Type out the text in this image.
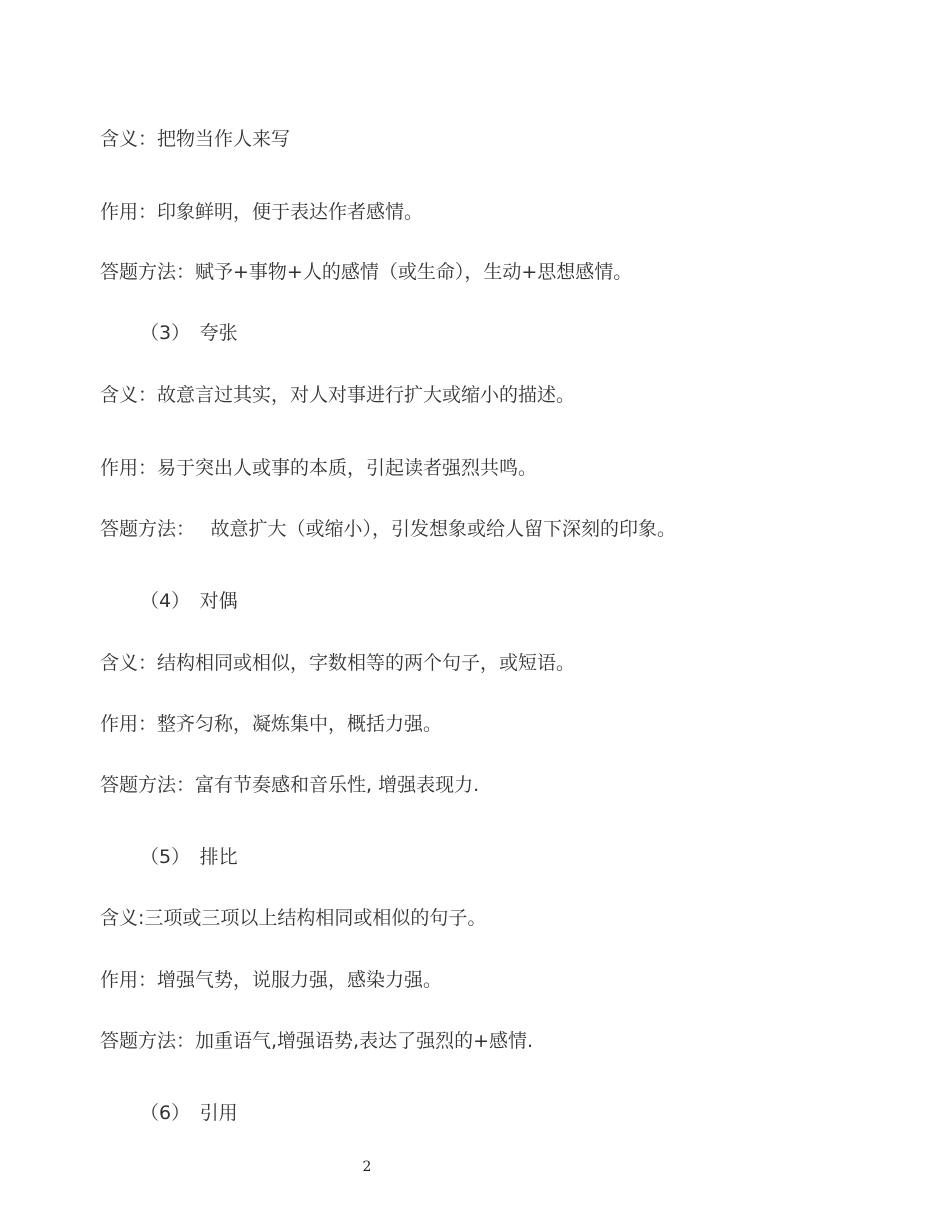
含义：把物当作人来写
作用：印象鲜明，便于表达作者感情。
答题方法：赋予+事物+人的感情（或生命），生动+思想感情。
（3）　夸张
含义：故意言过其实，对人对事进行扩大或缩小的描述。
作用：易于突出人或事的本质，引起读者强烈共鸣。
答题方法：　 故意扩大（或缩小），引发想象或给人留下深刻的印象。
（4）　对偶
含义：结构相同或相似，字数相等的两个句子，或短语。
作用：整齐匀称，凝炼集中，概括力强。
答题方法：富有节奏感和音乐性, 增强表现力.
（5）　排比
含义:三项或三项以上结构相同或相似的句子。
作用：增强气势，说服力强，感染力强。
答题方法：加重语气,增强语势,表达了强烈的+感情.
（6）　引用
2
